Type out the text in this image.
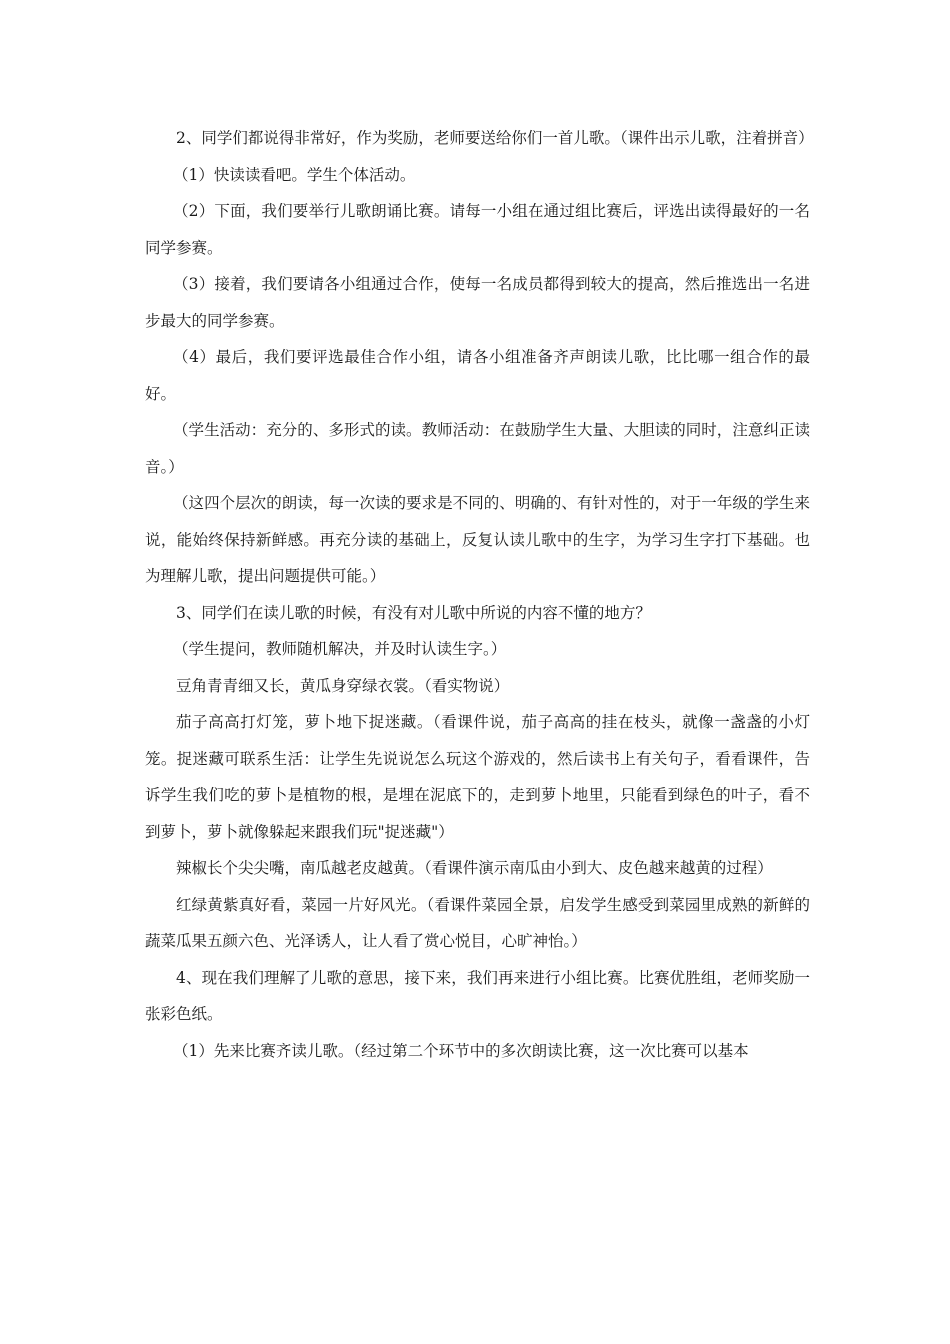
2、同学们都说得非常好，作为奖励，老师要送给你们一首儿歌。（课件出示儿歌，注着拼音）

（1）快读读看吧。学生个体活动。

（2）下面，我们要举行儿歌朗诵比赛。请每一小组在通过组比赛后，评选出读得最好的一名同学参赛。

（3）接着，我们要请各小组通过合作，使每一名成员都得到较大的提高，然后推选出一名进步最大的同学参赛。

（4）最后，我们要评选最佳合作小组，请各小组准备齐声朗读儿歌，比比哪一组合作的最好。

（学生活动：充分的、多形式的读。教师活动：在鼓励学生大量、大胆读的同时，注意纠正读音。）

（这四个层次的朗读，每一次读的要求是不同的、明确的、有针对性的，对于一年级的学生来说，能始终保持新鲜感。再充分读的基础上，反复认读儿歌中的生字，为学习生字打下基础。也为理解儿歌，提出问题提供可能。）

3、同学们在读儿歌的时候，有没有对儿歌中所说的内容不懂的地方？

（学生提问，教师随机解决，并及时认读生字。）

豆角青青细又长，黄瓜身穿绿衣裳。（看实物说）

茄子高高打灯笼，萝卜地下捉迷藏。（看课件说，茄子高高的挂在枝头，就像一盏盏的小灯笼。捉迷藏可联系生活：让学生先说说怎么玩这个游戏的，然后读书上有关句子，看看课件，告诉学生我们吃的萝卜是植物的根，是埋在泥底下的，走到萝卜地里，只能看到绿色的叶子，看不到萝卜，萝卜就像躲起来跟我们玩"捉迷藏"）

辣椒长个尖尖嘴，南瓜越老皮越黄。（看课件演示南瓜由小到大、皮色越来越黄的过程）

红绿黄紫真好看，菜园一片好风光。（看课件菜园全景，启发学生感受到菜园里成熟的新鲜的蔬菜瓜果五颜六色、光泽诱人，让人看了赏心悦目，心旷神怡。）

4、现在我们理解了儿歌的意思，接下来，我们再来进行小组比赛。比赛优胜组，老师奖励一张彩色纸。

（1）先来比赛齐读儿歌。（经过第二个环节中的多次朗读比赛，这一次比赛可以基本
